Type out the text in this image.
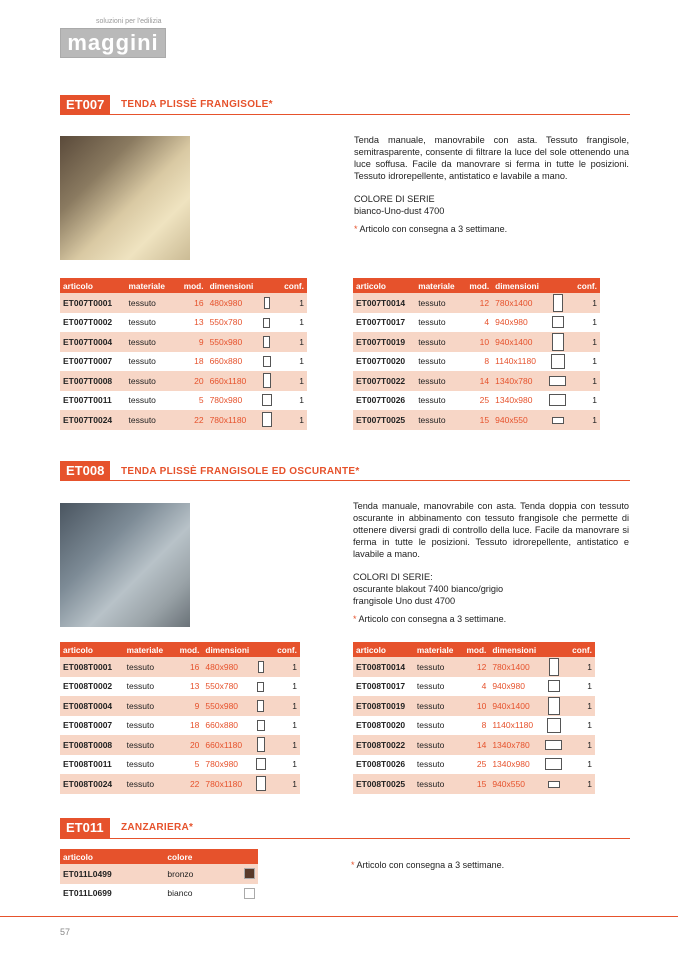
soluzioni per l'edilizia
maggini
ET007	TENDA PLISSÈ FRANGISOLE*
Tenda manuale, manovrabile con asta. Tessuto frangisole, semitrasparente, consente di filtrare la luce del sole ottenendo una luce soffusa. Facile da manovrare si ferma in tutte le posizioni. Tessuto idrorepellente, antistatico e lavabile a mano.
COLORE DI SERIE
bianco-Uno-dust 4700
* Articolo con consegna a 3 settimane.
articolo	materiale	mod.	dimensioni		conf.
ET007T0001	tessuto	16	480x980		1
ET007T0002	tessuto	13	550x780		1
ET007T0004	tessuto	9	550x980		1
ET007T0007	tessuto	18	660x880		1
ET007T0008	tessuto	20	660x1180		1
ET007T0011	tessuto	5	780x980		1
ET007T0024	tessuto	22	780x1180		1
articolo	materiale	mod.	dimensioni		conf.
ET007T0014	tessuto	12	780x1400		1
ET007T0017	tessuto	4	940x980		1
ET007T0019	tessuto	10	940x1400		1
ET007T0020	tessuto	8	1140x1180		1
ET007T0022	tessuto	14	1340x780		1
ET007T0026	tessuto	25	1340x980		1
ET007T0025	tessuto	15	940x550		1
ET008	TENDA PLISSÈ FRANGISOLE ED OSCURANTE*
Tenda manuale, manovrabile con asta. Tenda doppia con tessuto oscurante in abbinamento con tessuto frangisole che permette di ottenere diversi gradi di controllo della luce. Facile da manovrare si ferma in tutte le posizioni. Tessuto idrorepellente, antistatico e lavabile a mano.
COLORI DI SERIE:
oscurante blakout 7400 bianco/grigio
frangisole Uno dust 4700
* Articolo con consegna a 3 settimane.
articolo	materiale	mod.	dimensioni		conf.
ET008T0001	tessuto	16	480x980		1
ET008T0002	tessuto	13	550x780		1
ET008T0004	tessuto	9	550x980		1
ET008T0007	tessuto	18	660x880		1
ET008T0008	tessuto	20	660x1180		1
ET008T0011	tessuto	5	780x980		1
ET008T0024	tessuto	22	780x1180		1
articolo	materiale	mod.	dimensioni		conf.
ET008T0014	tessuto	12	780x1400		1
ET008T0017	tessuto	4	940x980		1
ET008T0019	tessuto	10	940x1400		1
ET008T0020	tessuto	8	1140x1180		1
ET008T0022	tessuto	14	1340x780		1
ET008T0026	tessuto	25	1340x980		1
ET008T0025	tessuto	15	940x550		1
ET011	ZANZARIERA*
articolo	colore	
ET011L0499	bronzo	
ET011L0699	bianco	
* Articolo con consegna a 3 settimane.
57
